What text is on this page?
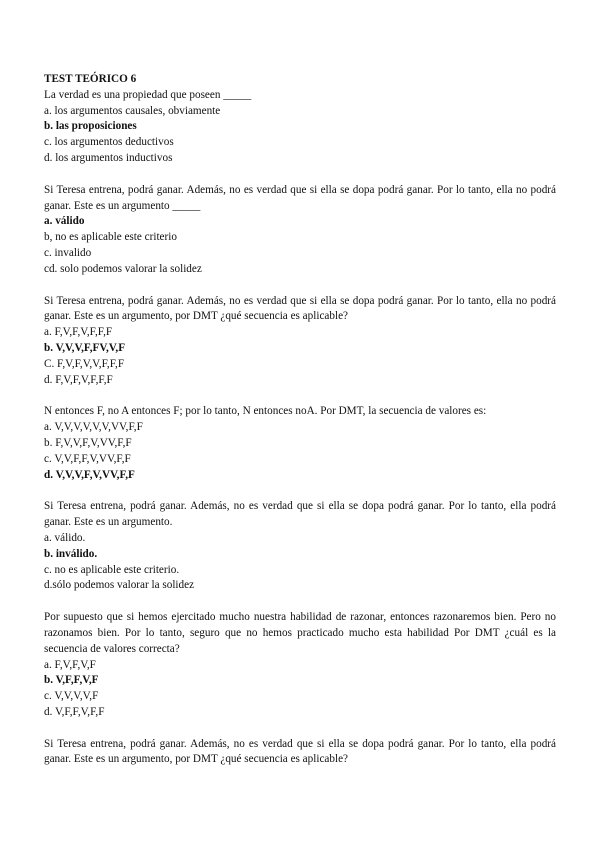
TEST TEÓRICO 6
La verdad es una propiedad que poseen _____
a. los argumentos causales, obviamente
b. las proposiciones
c. los argumentos deductivos
d. los argumentos inductivos
Si Teresa entrena, podrá ganar. Además, no es verdad que si ella se dopa podrá ganar. Por lo tanto, ella no podrá ganar. Este es un argumento _____
a. válido
b, no es aplicable este criterio
c. invalido
cd. solo podemos valorar la solidez
Si Teresa entrena, podrá ganar. Además, no es verdad que si ella se dopa podrá ganar. Por lo tanto, ella no podrá ganar. Este es un argumento, por DMT ¿qué secuencia es aplicable?
a. F,V,F,V,F,F,F
b. V,V,V,F,FV,V,F
C. F,V,F,V,V,F,F,F
d. F,V,F,V,F,F,F
N entonces F, no A entonces F; por lo tanto, N entonces noA. Por DMT, la secuencia de valores es:
a. V,V,V,V,V,V,VV,F,F
b. F,V,V,F,V,VV,F,F
c. V,V,F,F,V,VV,F,F
d. V,V,V,F,V,VV,F,F
Si Teresa entrena, podrá ganar. Además, no es verdad que si ella se dopa podrá ganar. Por lo tanto, ella podrá ganar. Este es un argumento.
a. válido.
b. inválido.
c. no es aplicable este criterio.
d.sólo podemos valorar la solidez
Por supuesto que si hemos ejercitado mucho nuestra habilidad de razonar, entonces razonaremos bien. Pero no razonamos bien. Por lo tanto, seguro que no hemos practicado mucho esta habilidad Por DMT ¿cuál es la secuencia de valores correcta?
a. F,V,F,V,F
b. V,F,F,V,F
c. V,V,V,V,F
d. V,F,F,V,F,F
Si Teresa entrena, podrá ganar. Además, no es verdad que si ella se dopa podrá ganar. Por lo tanto, ella podrá ganar. Este es un argumento, por DMT ¿qué secuencia es aplicable?
